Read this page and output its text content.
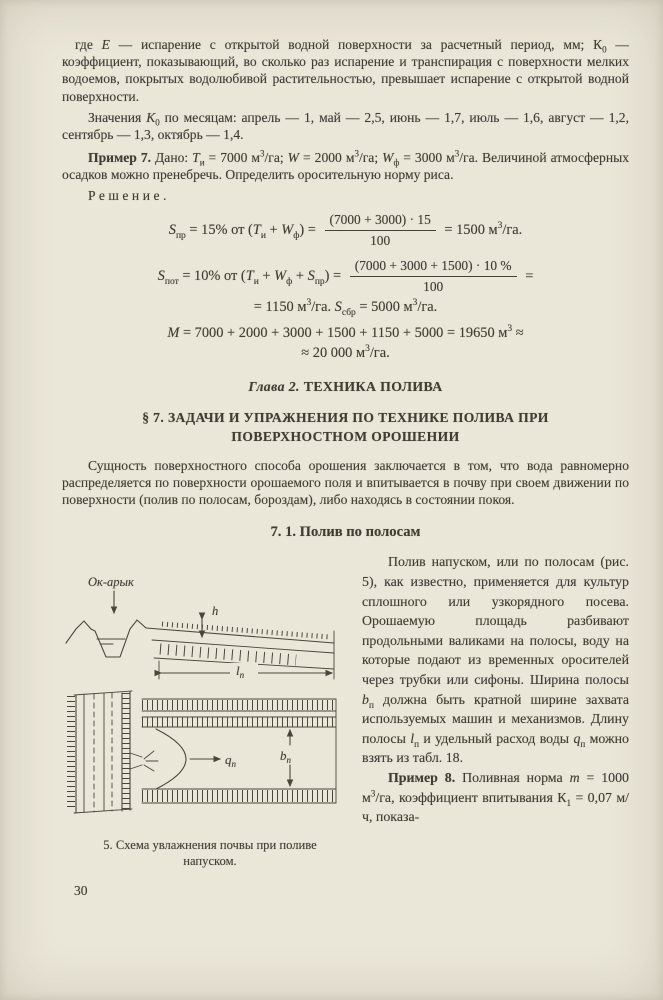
где E — испарение с открытой водной поверхности за расчетный период, мм; $К_0$ — коэффициент, показывающий, во сколько раз испарение и транспирация с поверхности мелких водоемов, покрытых водолюбивой растительностью, превышает испарение с открытой водной поверхности.

Значения $К_0$ по месяцам: апрель — 1, май — 2,5, июнь — 1,7, июль — 1,6, август — 1,2, сентябрь — 1,3, октябрь — 1,4.

Пример 7. Дано: $T_и = 7000$ $м^3/га$; W = 2000 $м^3/га$; $W_ф = 3000$ $м^3/га$. Величиной атмосферных осадков можно пренебречь. Определить оросительную норму риса.

Решение.

$S_{пр} = 15\%$ от $(T_и + W_ф) = \frac{(7000 + 3000) \cdot 15}{100} = 1500$ $м^3/га$.
$S_{пот} = 10\%$ от $(T_и + W_ф + S_{пр}) = \frac{(7000 + 3000 + 1500) \cdot 10 \%}{100}$ =
= 1150 $м^3/га$. $S_{сбр} = 5000$ $м^3/га$.
M = 7000 + 2000 + 3000 + 1500 + 1150 + 5000 = 19650 $м^3$ ≈
≈ 20 000 $м^3/га$.
Глава 2. ТЕХНИКА ПОЛИВА
§ 7. ЗАДАЧИ И УПРАЖНЕНИЯ ПО ТЕХНИКЕ ПОЛИВА ПРИ
ПОВЕРХНОСТНОМ ОРОШЕНИИ

Сущность поверхностного способа орошения заключается в том, что вода равномерно распределяется по поверхности орошаемого поля и впитывается в почву при своем движении по поверхности (полив по полосам, бороздам), либо находясь в состоянии покоя.

7. 1. Полив по полосам
Ок-арык
h
$l_п$
$q_п$
$b_п$
5. Схема увлажнения почвы при поливе напуском.

Полив напуском, или по полосам (рис. 5), как известно, применяется для культур сплошного или узкорядного посева. Орошаемую площадь разбивают продольными валиками на полосы, воду на которые подают из временных оросителей через трубки или сифоны. Ширина полосы $b_п$ должна быть кратной ширине захвата используемых машин и механизмов. Длину полосы $l_п$ и удельный расход воды $q_п$ можно взять из табл. 18.

Пример 8. Поливная норма m = 1000 $м^3/га$, коэффициент впитывания $К_1 = 0,07$ м/ч, показа-

30
